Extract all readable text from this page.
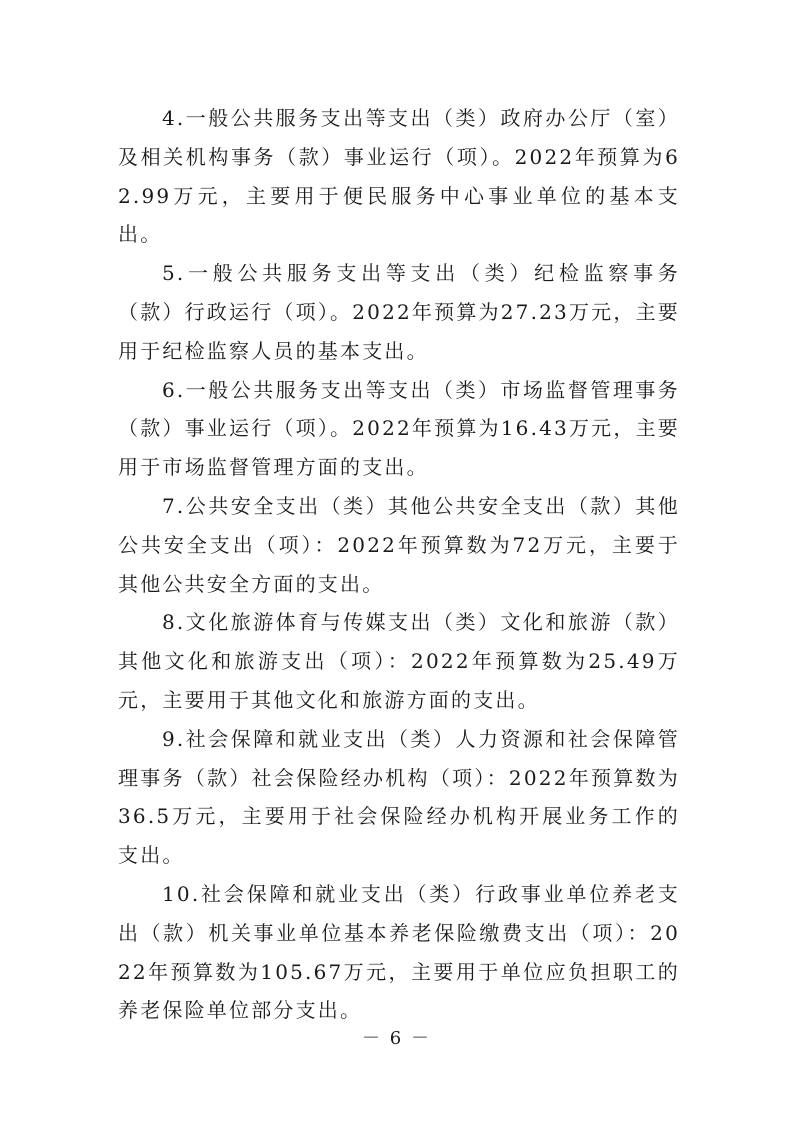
4.一般公共服务支出等支出（类）政府办公厅（室）及相关机构事务（款）事业运行（项）。2022年预算为62.99万元，主要用于便民服务中心事业单位的基本支出。

5.一般公共服务支出等支出（类）纪检监察事务（款）行政运行（项）。2022年预算为27.23万元，主要用于纪检监察人员的基本支出。

6.一般公共服务支出等支出（类）市场监督管理事务（款）事业运行（项）。2022年预算为16.43万元，主要用于市场监督管理方面的支出。

7.公共安全支出（类）其他公共安全支出（款）其他公共安全支出（项）：2022年预算数为72万元，主要于其他公共安全方面的支出。

8.文化旅游体育与传媒支出（类）文化和旅游（款）其他文化和旅游支出（项）：2022年预算数为25.49万元，主要用于其他文化和旅游方面的支出。

9.社会保障和就业支出（类）人力资源和社会保障管理事务（款）社会保险经办机构（项）：2022年预算数为36.5万元，主要用于社会保险经办机构开展业务工作的支出。

10.社会保障和就业支出（类）行政事业单位养老支出（款）机关事业单位基本养老保险缴费支出（项）：2022年预算数为105.67万元，主要用于单位应负担职工的养老保险单位部分支出。

－ 6 －
